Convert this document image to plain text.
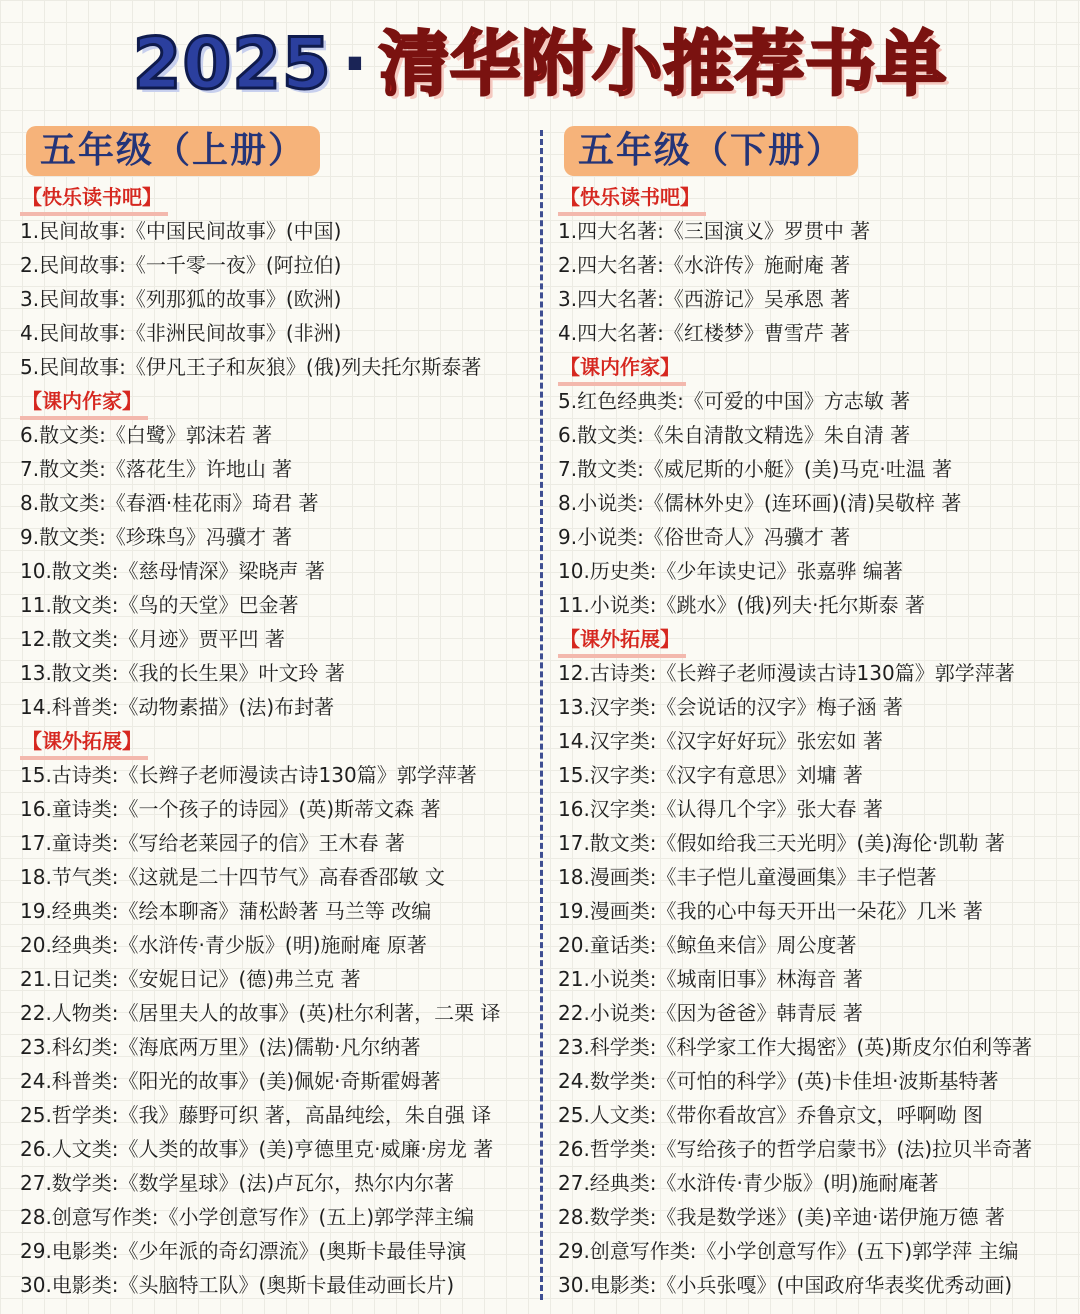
2025 · 清华附小推荐书单
五年级（上册）
【快乐读书吧】
1.民间故事:《中国民间故事》(中国)
2.民间故事:《一千零一夜》(阿拉伯)
3.民间故事:《列那狐的故事》(欧洲)
4.民间故事:《非洲民间故事》(非洲)
5.民间故事:《伊凡王子和灰狼》(俄)列夫托尔斯泰著
【课内作家】
6.散文类:《白鹭》郭沫若 著
7.散文类:《落花生》许地山 著
8.散文类:《春酒·桂花雨》琦君 著
9.散文类:《珍珠鸟》冯骥才 著
10.散文类:《慈母情深》梁晓声 著
11.散文类:《鸟的天堂》巴金著
12.散文类:《月迹》贾平凹 著
13.散文类:《我的长生果》叶文玲 著
14.科普类:《动物素描》(法)布封著
【课外拓展】
15.古诗类:《长辫子老师漫读古诗130篇》郭学萍著
16.童诗类:《一个孩子的诗园》(英)斯蒂文森 著
17.童诗类:《写给老莱园子的信》王木春 著
18.节气类:《这就是二十四节气》高春香邵敏 文
19.经典类:《绘本聊斋》蒲松龄著 马兰等 改编
20.经典类:《水浒传·青少版》(明)施耐庵 原著
21.日记类:《安妮日记》(德)弗兰克 著
22.人物类:《居里夫人的故事》(英)杜尔利著，二栗 译
23.科幻类:《海底两万里》(法)儒勒·凡尔纳著
24.科普类:《阳光的故事》(美)佩妮·奇斯霍姆著
25.哲学类:《我》藤野可织 著，高晶纯绘，朱自强 译
26.人文类:《人类的故事》(美)亨德里克·威廉·房龙 著
27.数学类:《数学星球》(法)卢瓦尔，热尔内尔著
28.创意写作类:《小学创意写作》(五上)郭学萍主编
29.电影类:《少年派的奇幻漂流》(奥斯卡最佳导演
30.电影类:《头脑特工队》(奥斯卡最佳动画长片)
五年级（下册）
【快乐读书吧】
1.四大名著:《三国演义》罗贯中 著
2.四大名著:《水浒传》施耐庵 著
3.四大名著:《西游记》吴承恩 著
4.四大名著:《红楼梦》曹雪芹 著
【课内作家】
5.红色经典类:《可爱的中国》方志敏 著
6.散文类:《朱自清散文精选》朱自清 著
7.散文类:《威尼斯的小艇》(美)马克·吐温 著
8.小说类:《儒林外史》(连环画)(清)吴敬梓 著
9.小说类:《俗世奇人》冯骥才 著
10.历史类:《少年读史记》张嘉骅 编著
11.小说类:《跳水》(俄)列夫·托尔斯泰 著
【课外拓展】
12.古诗类:《长辫子老师漫读古诗130篇》郭学萍著
13.汉字类:《会说话的汉字》梅子涵 著
14.汉字类:《汉字好好玩》张宏如 著
15.汉字类:《汉字有意思》刘墉 著
16.汉字类:《认得几个字》张大春 著
17.散文类:《假如给我三天光明》(美)海伦·凯勒 著
18.漫画类:《丰子恺儿童漫画集》丰子恺著
19.漫画类:《我的心中每天开出一朵花》几米 著
20.童话类:《鲸鱼来信》周公度著
21.小说类:《城南旧事》林海音 著
22.小说类:《因为爸爸》韩青辰 著
23.科学类:《科学家工作大揭密》(英)斯皮尔伯利等著
24.数学类:《可怕的科学》(英)卡佳坦·波斯基特著
25.人文类:《带你看故宫》乔鲁京文，呼啊呦 图
26.哲学类:《写给孩子的哲学启蒙书》(法)拉贝半奇著
27.经典类:《水浒传·青少版》(明)施耐庵著
28.数学类:《我是数学迷》(美)辛迪·诺伊施万德 著
29.创意写作类:《小学创意写作》(五下)郭学萍 主编
30.电影类:《小兵张嘎》(中国政府华表奖优秀动画)
